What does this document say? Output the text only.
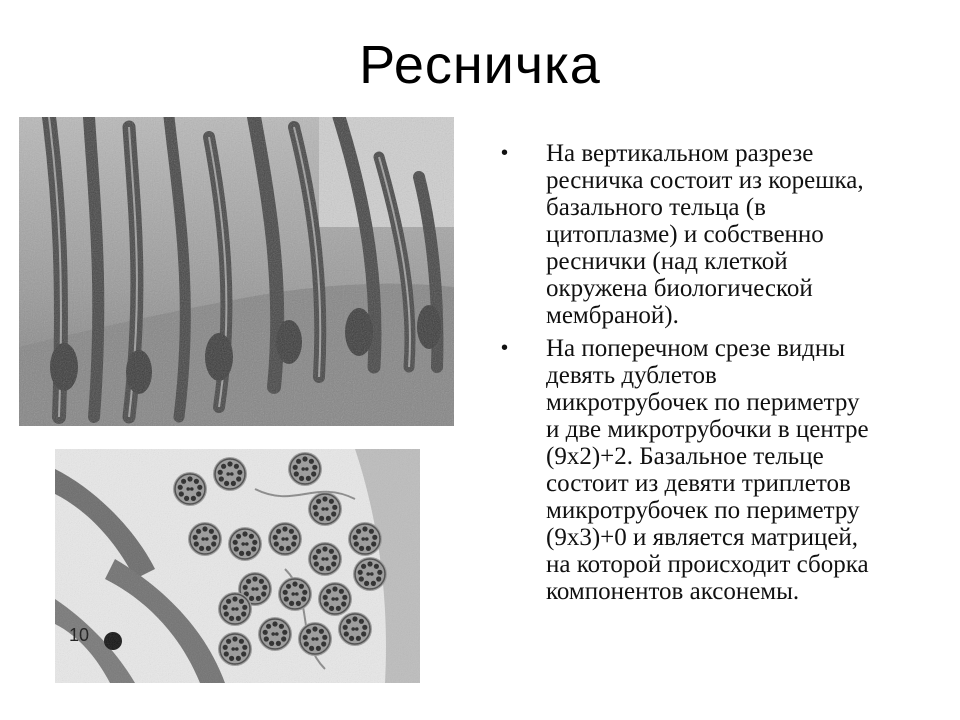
Ресничка
• На вертикальном разрезе
ресничка состоит из корешка,
базального тельца (в
цитоплазме) и собственно
реснички (над клеткой
окружена биологической
мембраной).
• На поперечном срезе видны
девять дублетов
микротрубочек по периметру
и две микротрубочки в центре
(9х2)+2. Базальное тельце
состоит из девяти триплетов
микротрубочек по периметру
(9х3)+0 и является матрицей,
на которой происходит сборка
компонентов аксонемы.
